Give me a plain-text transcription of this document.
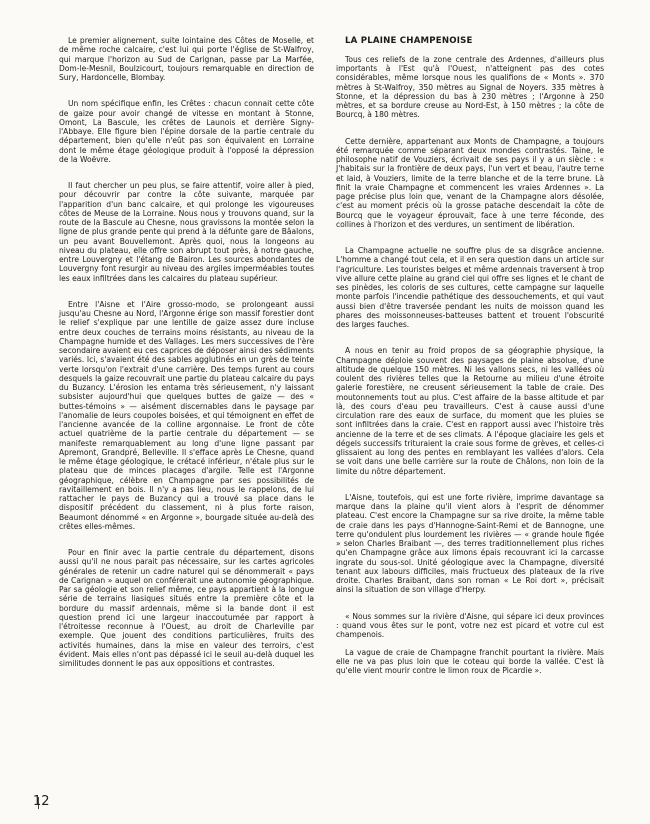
Le premier alignement, suite lointaine des Côtes de Moselle, et de même roche calcaire, c'est lui qui porte l'église de St-Walfroy, qui marque l'horizon au Sud de Carignan, passe par La Marfée, Dom-le-Mesnil, Boulzicourt, toujours remarquable en direction de Sury, Hardoncelle, Blombay.

Un nom spécifique enfin, les Crêtes : chacun connait cette côte de gaize pour avoir changé de vitesse en montant à Stonne, Omont, La Bascule, les crêtes de Launois et derrière Signy-l'Abbaye. Elle figure bien l'épine dorsale de la partie centrale du département, bien qu'elle n'eût pas son équivalent en Lorraine dont le même étage géologique produit à l'opposé la dépression de la Woëvre.

Il faut chercher un peu plus, se faire attentif, voire aller à pied, pour découvrir par contre la côte suivante, marquée par l'apparition d'un banc calcaire, et qui prolonge les vigoureuses côtes de Meuse de la Lorraine. Nous nous y trouvons quand, sur la route de la Bascule au Chesne, nous gravissons la montée selon la ligne de plus grande pente qui prend à la défunte gare de Bâalons, un peu avant Bouvellemont. Après quoi, nous la longeons au niveau du plateau, elle offre son abrupt tout près, à notre gauche, entre Louvergny et l'étang de Bairon. Les sources abondantes de Louvergny font resurgir au niveau des argiles imperméables toutes les eaux infiltrées dans les calcaires du plateau supérieur.

Entre l'Aisne et l'Aire grosso-modo, se prolongeant aussi jusqu'au Chesne au Nord, l'Argonne érige son massif forestier dont le relief s'explique par une lentille de gaize assez dure incluse entre deux couches de terrains moins résistants, au niveau de la Champagne humide et des Vallages. Les mers successives de l'ère secondaire avaient eu ces caprices de déposer ainsi des sédiments variés. Ici, s'avaient été des sables agglutinés en un grès de teinte verte lorsqu'on l'extrait d'une carrière. Des temps furent au cours desquels la gaize recouvrait une partie du plateau calcaire du pays du Buzancy. L'érosion les entama très sérieusement, n'y laissant subsister aujourd'hui que quelques buttes de gaize — des « buttes-témoins » — aisément discernables dans le paysage par l'anomalie de leurs coupoles boisées, et qui témoignent en effet de l'ancienne avancée de la colline argonnaise. Le front de côte actuel quatrième de la partie centrale du département — se manifeste remarquablement au long d'une ligne passant par Apremont, Grandpré, Belleville. Il s'efface après Le Chesne, quand le même étage géologique, le crétacé inférieur, n'étale plus sur le plateau que de minces placages d'argile. Telle est l'Argonne géographique, célèbre en Champagne par ses possibilités de ravitaillement en bois. Il n'y a pas lieu, nous le rappelons, de lui rattacher le pays de Buzancy qui a trouvé sa place dans le dispositif précédent du classement, ni à plus forte raison, Beaumont dénommé « en Argonne », bourgade située au-delà des crêtes elles-mêmes.

Pour en finir avec la partie centrale du département, disons aussi qu'il ne nous parait pas nécessaire, sur les cartes agricoles générales de retenir un cadre naturel qui se dénommerait « pays de Carignan » auquel on conférerait une autonomie géographique. Par sa géologie et son relief même, ce pays appartient à la longue série de terrains liasiques situés entre la première côte et la bordure du massif ardennais, même si la bande dont il est question prend ici une largeur inaccoutumée par rapport à l'étroitesse reconnue à l'Ouest, au droit de Charleville par exemple. Que jouent des conditions particulières, fruits des activités humaines, dans la mise en valeur des terroirs, c'est évident. Mais elles n'ont pas dépassé ici le seuil au-delà duquel les similitudes donnent le pas aux oppositions et contrastes.

LA PLAINE CHAMPENOISE

Tous ces reliefs de la zone centrale des Ardennes, d'ailleurs plus importants à l'Est qu'à l'Ouest, n'atteignent pas des cotes considérables, même lorsque nous les qualifions de « Monts ». 370 mètres à St-Walfroy, 350 mètres au Signal de Noyers. 335 mètres à Stonne, et la dépression du bas à 230 mètres ; l'Argonne à 250 mètres, et sa bordure creuse au Nord-Est, à 150 mètres ; la côte de Bourcq, à 180 mètres.

Cette dernière, appartenant aux Monts de Champagne, a toujours été remarquée comme séparant deux mondes contrastés. Taine, le philosophe natif de Vouziers, écrivait de ses pays il y a un siècle : « J'habitais sur la frontière de deux pays, l'un vert et beau, l'autre terne et laid, à Vouziers, limite de la terre blanche et de la terre brune. Là finit la vraie Champagne et commencent les vraies Ardennes ». La page précise plus loin que, venant de la Champagne alors désolée, c'est au moment précis où la grosse patache descendait la côte de Bourcq que le voyageur éprouvait, face à une terre féconde, des collines à l'horizon et des verdures, un sentiment de libération.

La Champagne actuelle ne souffre plus de sa disgrâce ancienne. L'homme a changé tout cela, et il en sera question dans un article sur l'agriculture. Les touristes belges et même ardennais traversent à trop vive allure cette plaine au grand ciel qui offre ses lignes et le chant de ses pinèdes, les coloris de ses cultures, cette campagne sur laquelle monte parfois l'incendie pathétique des dessouchements, et qui vaut aussi bien d'être traversée pendant les nuits de moisson quand les phares des moissonneuses-batteuses battent et trouent l'obscurité des larges fauches.

A nous en tenir au froid propos de sa géographie physique, la Champagne déploie souvent des paysages de plaine absolue, d'une altitude de quelque 150 mètres. Ni les vallons secs, ni les vallées où coulent des rivières telles que la Retourne au milieu d'une étroite galerie forestière, ne creusent sérieusement la table de craie. Des moutonnements tout au plus. C'est affaire de la basse altitude et par là, des cours d'eau peu travailleurs. C'est à cause aussi d'une circulation rare des eaux de surface, du moment que les pluies se sont infiltrées dans la craie. C'est en rapport aussi avec l'histoire très ancienne de la terre et de ses climats. A l'époque glaciaire les gels et dégels successifs trituraient la craie sous forme de grèves, et celles-ci glissaient au long des pentes en remblayant les vallées d'alors. Cela se voit dans une belle carrière sur la route de Châlons, non loin de la limite du nôtre département.

L'Aisne, toutefois, qui est une forte rivière, imprime davantage sa marque dans la plaine qu'il vient alors à l'esprit de dénommer plateau. C'est encore la Champagne sur sa rive droite, la même table de craie dans les pays d'Hannogne-Saint-Remi et de Bannogne, une terre qu'ondulent plus lourdement les rivières — « grande houle figée » selon Charles Braibant —, des terres traditionnellement plus riches qu'en Champagne grâce aux limons épais recouvrant ici la carcasse ingrate du sous-sol. Unité géologique avec la Champagne, diversité tenant aux labours difficiles, mais fructueux des plateaux de la rive droite. Charles Braibant, dans son roman « Le Roi dort », précisait ainsi la situation de son village d'Herpy.

« Nous sommes sur la rivière d'Aisne, qui sépare ici deux provinces : quand vous êtes sur le pont, votre nez est picard et votre cul est champenois.

La vague de craie de Champagne franchit pourtant la rivière. Mais elle ne va pas plus loin que le coteau qui borde la vallée. C'est là qu'elle vient mourir contre le limon roux de Picardie ».

12
